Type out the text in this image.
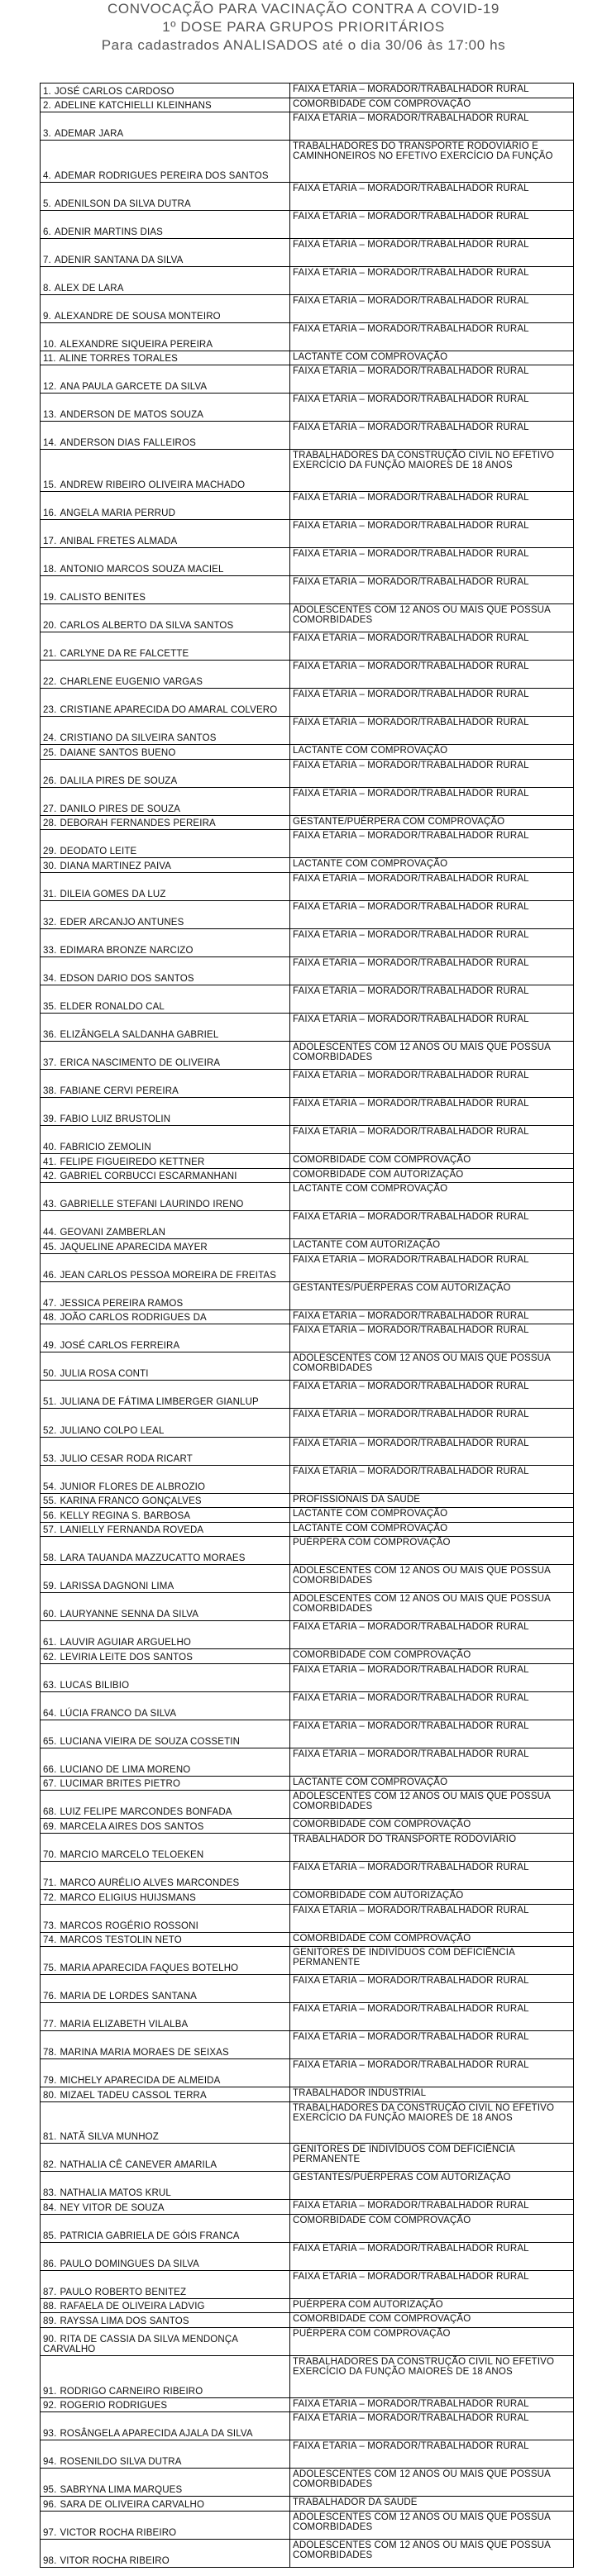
CONVOCAÇÃO PARA VACINAÇÃO CONTRA A COVID-19
1º DOSE PARA GRUPOS PRIORITÁRIOS
Para cadastrados ANALISADOS até o dia 30/06 às 17:00 hs
1. JOSÉ CARLOS CARDOSO	FAIXA ETARIA – MORADOR/TRABALHADOR RURAL
2. ADELINE KATCHIELLI KLEINHANS	COMORBIDADE COM COMPROVAÇÃO
3. ADEMAR JARA
FAIXA ETARIA – MORADOR/TRABALHADOR RURAL
4. ADEMAR RODRIGUES PEREIRA DOS SANTOS
TRABALHADORES DO TRANSPORTE RODOVIÁRIO E CAMINHONEIROS NO EFETIVO EXERCÍCIO DA FUNÇÃO
5. ADENILSON DA SILVA DUTRA
FAIXA ETARIA – MORADOR/TRABALHADOR RURAL
6. ADENIR MARTINS DIAS
FAIXA ETARIA – MORADOR/TRABALHADOR RURAL
7. ADENIR SANTANA DA SILVA
FAIXA ETARIA – MORADOR/TRABALHADOR RURAL
8. ALEX DE LARA
FAIXA ETARIA – MORADOR/TRABALHADOR RURAL
9. ALEXANDRE DE SOUSA MONTEIRO
FAIXA ETARIA – MORADOR/TRABALHADOR RURAL
10. ALEXANDRE SIQUEIRA PEREIRA
FAIXA ETARIA – MORADOR/TRABALHADOR RURAL
11. ALINE TORRES TORALES	LACTANTE COM COMPROVAÇÃO
12. ANA PAULA GARCETE DA SILVA
FAIXA ETARIA – MORADOR/TRABALHADOR RURAL
13. ANDERSON DE MATOS SOUZA
FAIXA ETARIA – MORADOR/TRABALHADOR RURAL
14. ANDERSON DIAS FALLEIROS
FAIXA ETARIA – MORADOR/TRABALHADOR RURAL
15. ANDREW RIBEIRO OLIVEIRA MACHADO
TRABALHADORES DA CONSTRUÇÃO CIVIL NO EFETIVO EXERCÍCIO DA FUNÇÃO MAIORES DE 18 ANOS
16. ANGELA MARIA PERRUD
FAIXA ETARIA – MORADOR/TRABALHADOR RURAL
17. ANIBAL FRETES ALMADA
FAIXA ETARIA – MORADOR/TRABALHADOR RURAL
18. ANTONIO MARCOS SOUZA MACIEL
FAIXA ETARIA – MORADOR/TRABALHADOR RURAL
19. CALISTO BENITES
FAIXA ETARIA – MORADOR/TRABALHADOR RURAL
20. CARLOS ALBERTO DA SILVA SANTOS
ADOLESCENTES COM 12 ANOS OU MAIS QUE POSSUA COMORBIDADES
21. CARLYNE DA RE FALCETTE
FAIXA ETARIA – MORADOR/TRABALHADOR RURAL
22. CHARLENE EUGENIO VARGAS
FAIXA ETARIA – MORADOR/TRABALHADOR RURAL
23. CRISTIANE APARECIDA DO AMARAL COLVERO
FAIXA ETARIA – MORADOR/TRABALHADOR RURAL
24. CRISTIANO DA SILVEIRA SANTOS
FAIXA ETARIA – MORADOR/TRABALHADOR RURAL
25. DAIANE SANTOS BUENO	LACTANTE COM COMPROVAÇÃO
26. DALILA PIRES DE SOUZA
FAIXA ETARIA – MORADOR/TRABALHADOR RURAL
27. DANILO PIRES DE SOUZA
FAIXA ETARIA – MORADOR/TRABALHADOR RURAL
28. DEBORAH FERNANDES PEREIRA	GESTANTE/PUÉRPERA COM COMPROVAÇÃO
29. DEODATO LEITE
FAIXA ETARIA – MORADOR/TRABALHADOR RURAL
30. DIANA MARTINEZ PAIVA	LACTANTE COM COMPROVAÇÃO
31. DILEIA GOMES DA LUZ
FAIXA ETARIA – MORADOR/TRABALHADOR RURAL
32. EDER ARCANJO ANTUNES
FAIXA ETARIA – MORADOR/TRABALHADOR RURAL
33. EDIMARA BRONZE NARCIZO
FAIXA ETARIA – MORADOR/TRABALHADOR RURAL
34. EDSON DARIO DOS SANTOS
FAIXA ETARIA – MORADOR/TRABALHADOR RURAL
35. ELDER RONALDO CAL
FAIXA ETARIA – MORADOR/TRABALHADOR RURAL
36. ELIZÂNGELA SALDANHA GABRIEL
FAIXA ETARIA – MORADOR/TRABALHADOR RURAL
37. ERICA NASCIMENTO DE OLIVEIRA
ADOLESCENTES COM 12 ANOS OU MAIS QUE POSSUA COMORBIDADES
38. FABIANE CERVI PEREIRA
FAIXA ETARIA – MORADOR/TRABALHADOR RURAL
39. FABIO LUIZ BRUSTOLIN
FAIXA ETARIA – MORADOR/TRABALHADOR RURAL
40. FABRICIO ZEMOLIN
FAIXA ETARIA – MORADOR/TRABALHADOR RURAL
41. FELIPE FIGUEIREDO KETTNER	COMORBIDADE COM COMPROVAÇÃO
42. GABRIEL CORBUCCI ESCARMANHANI	COMORBIDADE COM AUTORIZAÇÃO
43. GABRIELLE STEFANI LAURINDO IRENO
LACTANTE COM COMPROVAÇÃO
44. GEOVANI ZAMBERLAN
FAIXA ETARIA – MORADOR/TRABALHADOR RURAL
45. JAQUELINE APARECIDA MAYER	LACTANTE COM AUTORIZAÇÃO
46. JEAN CARLOS PESSOA MOREIRA DE FREITAS
FAIXA ETARIA – MORADOR/TRABALHADOR RURAL
47. JESSICA PEREIRA RAMOS
GESTANTES/PUÉRPERAS COM AUTORIZAÇÃO
48. JOÃO CARLOS RODRIGUES DA	FAIXA ETARIA – MORADOR/TRABALHADOR RURAL
49. JOSÉ CARLOS FERREIRA
FAIXA ETARIA – MORADOR/TRABALHADOR RURAL
50. JULIA ROSA CONTI
ADOLESCENTES COM 12 ANOS OU MAIS QUE POSSUA COMORBIDADES
51. JULIANA DE FÁTIMA LIMBERGER GIANLUP
FAIXA ETARIA – MORADOR/TRABALHADOR RURAL
52. JULIANO COLPO LEAL
FAIXA ETARIA – MORADOR/TRABALHADOR RURAL
53. JULIO CESAR RODA RICART
FAIXA ETARIA – MORADOR/TRABALHADOR RURAL
54. JUNIOR FLORES DE ALBROZIO
FAIXA ETARIA – MORADOR/TRABALHADOR RURAL
55. KARINA FRANCO GONÇALVES	PROFISSIONAIS DA SAUDE
56. KELLY REGINA S. BARBOSA	LACTANTE COM COMPROVAÇÃO
57. LANIELLY FERNANDA ROVEDA	LACTANTE COM COMPROVAÇÃO
58. LARA TAUANDA MAZZUCATTO MORAES
PUÉRPERA COM COMPROVAÇÃO
59. LARISSA DAGNONI LIMA
ADOLESCENTES COM 12 ANOS OU MAIS QUE POSSUA COMORBIDADES
60. LAURYANNE SENNA DA SILVA
ADOLESCENTES COM 12 ANOS OU MAIS QUE POSSUA COMORBIDADES
61. LAUVIR AGUIAR ARGUELHO
FAIXA ETARIA – MORADOR/TRABALHADOR RURAL
62. LEVIRIA LEITE DOS SANTOS	COMORBIDADE COM COMPROVAÇÃO
63. LUCAS BILIBIO
FAIXA ETARIA – MORADOR/TRABALHADOR RURAL
64. LÚCIA FRANCO DA SILVA
FAIXA ETARIA – MORADOR/TRABALHADOR RURAL
65. LUCIANA VIEIRA DE SOUZA COSSETIN
FAIXA ETARIA – MORADOR/TRABALHADOR RURAL
66. LUCIANO DE LIMA MORENO
FAIXA ETARIA – MORADOR/TRABALHADOR RURAL
67. LUCIMAR BRITES PIETRO	LACTANTE COM COMPROVAÇÃO
68. LUIZ FELIPE MARCONDES BONFADA
ADOLESCENTES COM 12 ANOS OU MAIS QUE POSSUA COMORBIDADES
69. MARCELA AIRES DOS SANTOS	COMORBIDADE COM COMPROVAÇÃO
70. MARCIO MARCELO TELOEKEN
TRABALHADOR DO TRANSPORTE RODOVIÁRIO
71. MARCO AURÉLIO ALVES MARCONDES
FAIXA ETARIA – MORADOR/TRABALHADOR RURAL
72. MARCO ELIGIUS HUIJSMANS	COMORBIDADE COM AUTORIZAÇÃO
73. MARCOS ROGÉRIO ROSSONI
FAIXA ETARIA – MORADOR/TRABALHADOR RURAL
74. MARCOS TESTOLIN NETO	COMORBIDADE COM COMPROVAÇÃO
75. MARIA APARECIDA FAQUES BOTELHO
GENITORES DE INDIVÍDUOS COM DEFICIÊNCIA PERMANENTE
76. MARIA DE LORDES SANTANA
FAIXA ETARIA – MORADOR/TRABALHADOR RURAL
77. MARIA ELIZABETH VILALBA
FAIXA ETARIA – MORADOR/TRABALHADOR RURAL
78. MARINA MARIA MORAES DE SEIXAS
FAIXA ETARIA – MORADOR/TRABALHADOR RURAL
79. MICHELY APARECIDA DE ALMEIDA
FAIXA ETARIA – MORADOR/TRABALHADOR RURAL
80. MIZAEL TADEU CASSOL TERRA	TRABALHADOR INDUSTRIAL
81. NATÃ SILVA MUNHOZ
TRABALHADORES DA CONSTRUÇÃO CIVIL NO EFETIVO EXERCÍCIO DA FUNÇÃO MAIORES DE 18 ANOS
82. NATHALIA CÊ CANEVER AMARILA
GENITORES DE INDIVÍDUOS COM DEFICIÊNCIA PERMANENTE
83. NATHALIA MATOS KRUL
GESTANTES/PUÉRPERAS COM AUTORIZAÇÃO
84. NEY VITOR DE SOUZA	FAIXA ETARIA – MORADOR/TRABALHADOR RURAL
85. PATRICIA GABRIELA DE GÓIS FRANCA
COMORBIDADE COM COMPROVAÇÃO
86. PAULO DOMINGUES DA SILVA
FAIXA ETARIA – MORADOR/TRABALHADOR RURAL
87. PAULO ROBERTO BENITEZ
FAIXA ETARIA – MORADOR/TRABALHADOR RURAL
88. RAFAELA DE OLIVEIRA LADVIG	PUÉRPERA COM AUTORIZAÇÃO
89. RAYSSA LIMA DOS SANTOS	COMORBIDADE COM COMPROVAÇÃO
90. RITA DE CASSIA DA SILVA MENDONÇA CARVALHO
PUÉRPERA COM COMPROVAÇÃO
91. RODRIGO CARNEIRO RIBEIRO
TRABALHADORES DA CONSTRUÇÃO CIVIL NO EFETIVO EXERCÍCIO DA FUNÇÃO MAIORES DE 18 ANOS
92. ROGERIO RODRIGUES	FAIXA ETARIA – MORADOR/TRABALHADOR RURAL
93. ROSÂNGELA APARECIDA AJALA DA SILVA
FAIXA ETARIA – MORADOR/TRABALHADOR RURAL
94. ROSENILDO SILVA DUTRA
FAIXA ETARIA – MORADOR/TRABALHADOR RURAL
95. SABRYNA LIMA MARQUES
ADOLESCENTES COM 12 ANOS OU MAIS QUE POSSUA COMORBIDADES
96. SARA DE OLIVEIRA CARVALHO	TRABALHADOR DA SAUDE
97. VICTOR ROCHA RIBEIRO
ADOLESCENTES COM 12 ANOS OU MAIS QUE POSSUA COMORBIDADES
98. VITOR ROCHA RIBEIRO
ADOLESCENTES COM 12 ANOS OU MAIS QUE POSSUA COMORBIDADES
